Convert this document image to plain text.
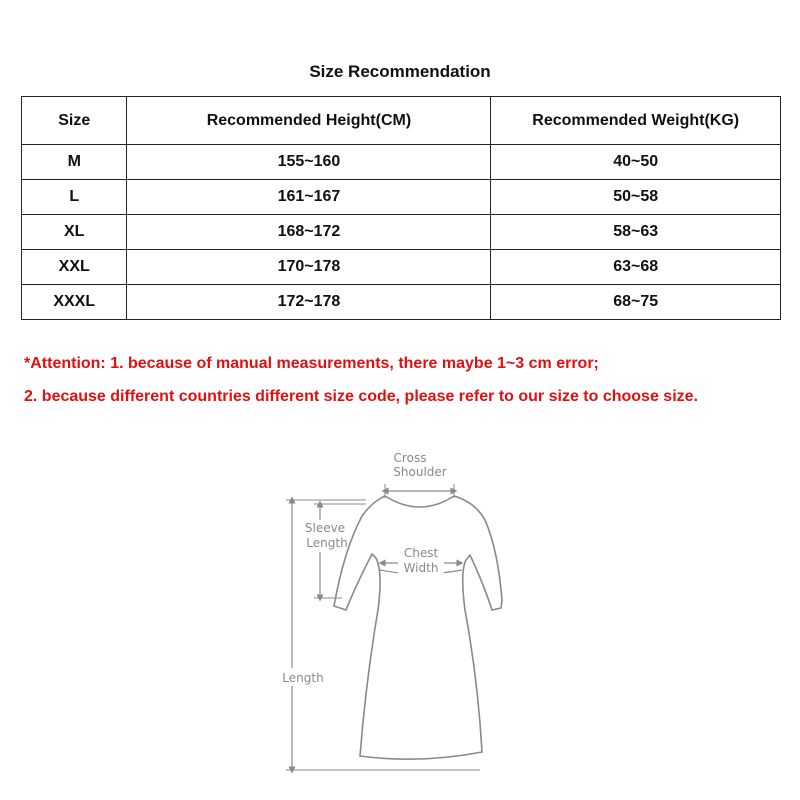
Size Recommendation
Size	Recommended Height(CM)	Recommended Weight(KG)
M	155~160	40~50
L	161~167	50~58
XL	168~172	58~63
XXL	170~178	63~68
XXXL	172~178	68~75
*Attention: 1. because of manual measurements, there maybe 1~3 cm error;
2. because different countries different size code, please refer to our size to choose size.
Cross
Shoulder
Sleeve
Length
Chest
Width
Length
